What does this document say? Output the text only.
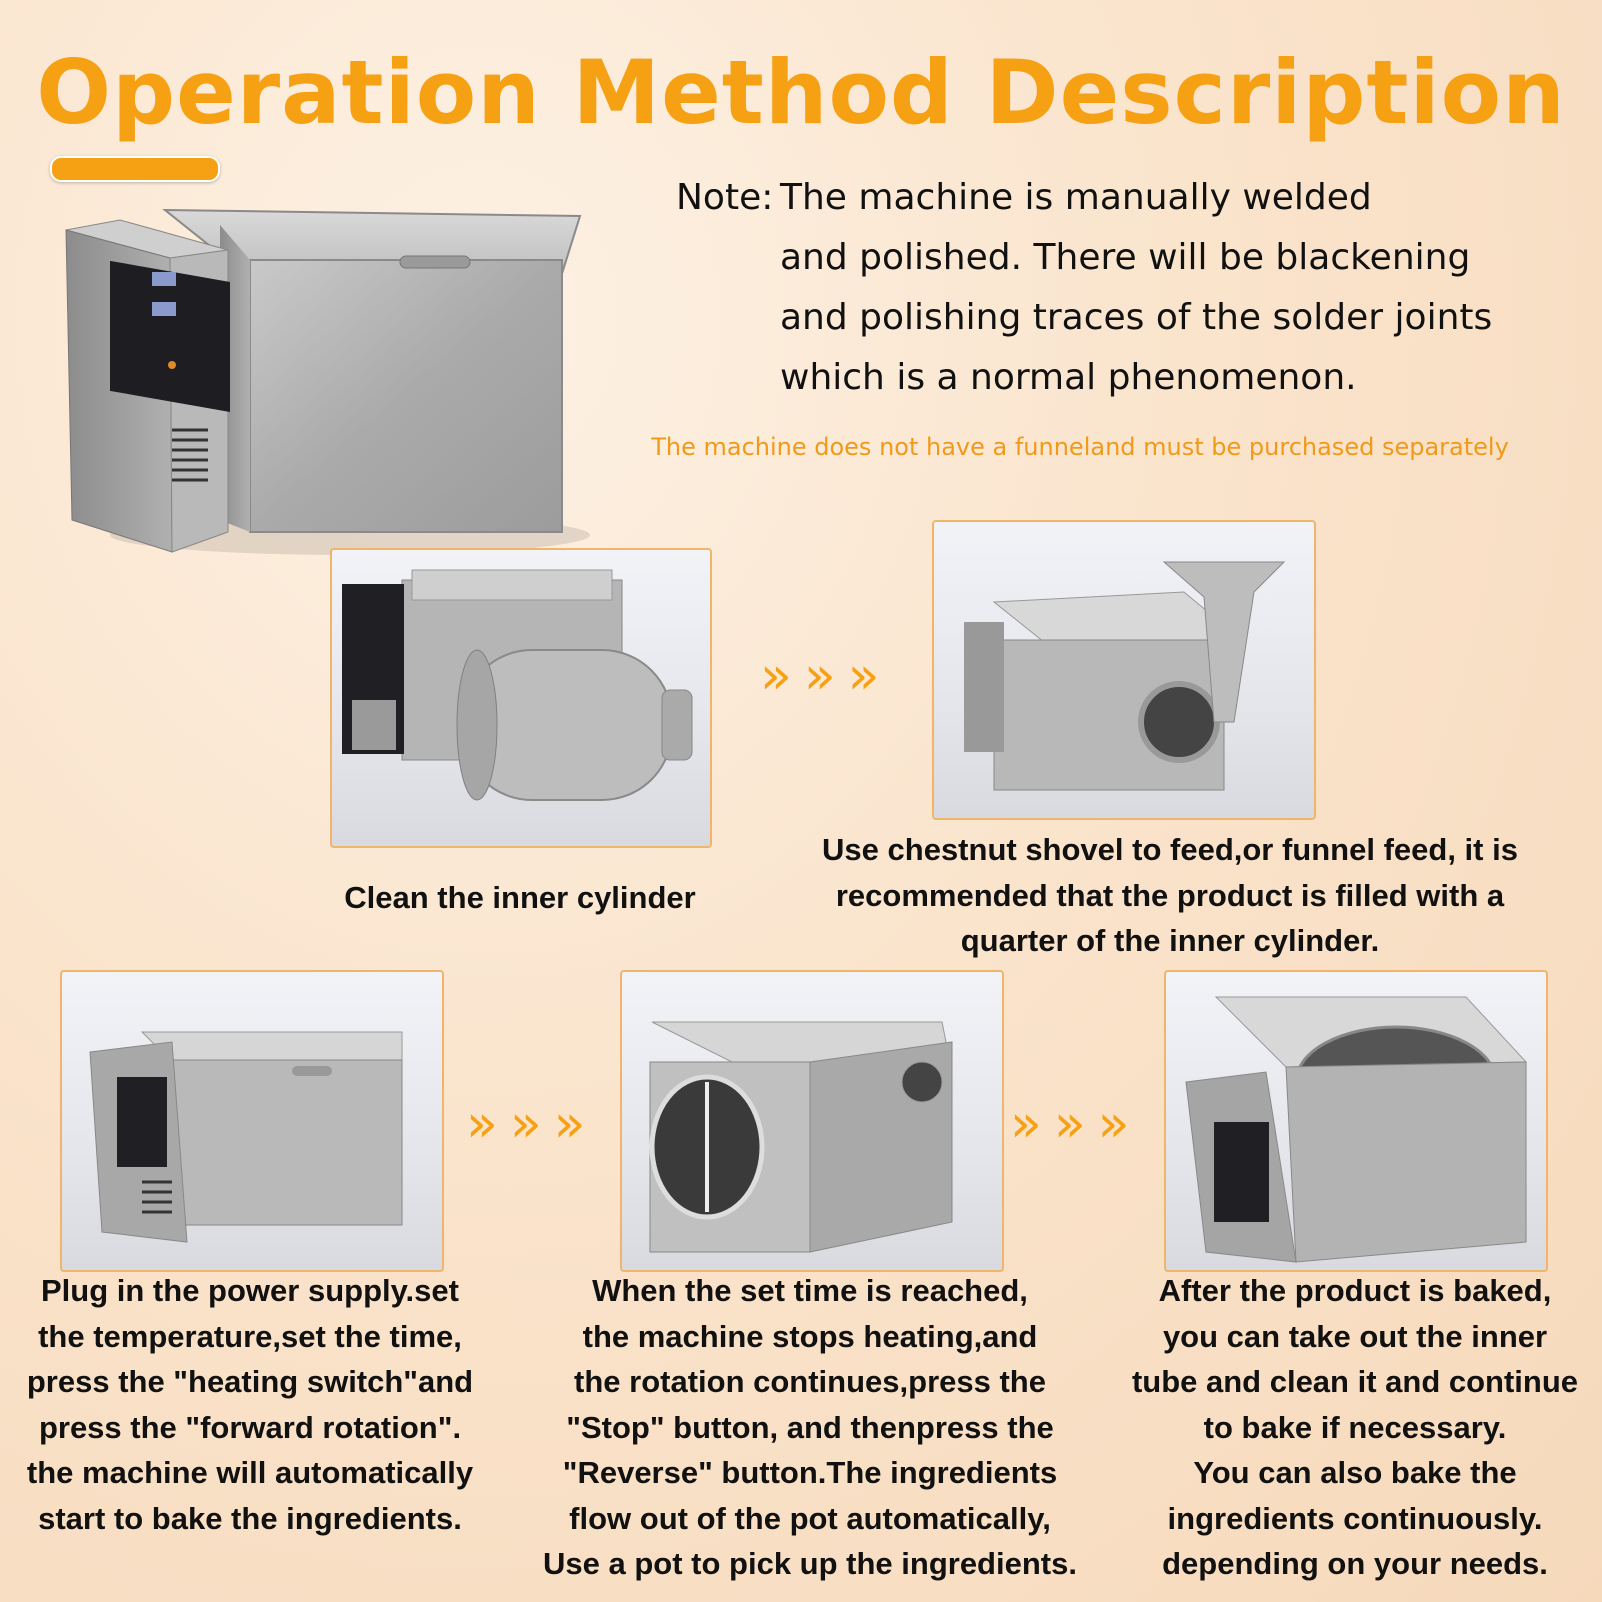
Operation Method Description
Note: The machine is manually welded
and polished. There will be blackening
and polishing traces of the solder joints
which is a normal phenomenon.
The machine does not have a funneland must be purchased separately
»»»
Clean the inner cylinder
Use chestnut shovel to feed,or funnel feed, it is
recommended that the product is filled with a
quarter of the inner cylinder.
»»»	»»»
Plug in the power supply.set
the temperature,set the time,
press the "heating switch"and
press the "forward rotation".
the machine will automatically
start to bake the ingredients.
When the set time is reached,
the machine stops heating,and
the rotation continues,press the
"Stop" button, and thenpress the
"Reverse" button.The ingredients
flow out of the pot automatically,
Use a pot to pick up the ingredients.
After the product is baked,
you can take out the inner
tube and clean it and continue
to bake if necessary.
You can also bake the
ingredients continuously.
depending on your needs.
